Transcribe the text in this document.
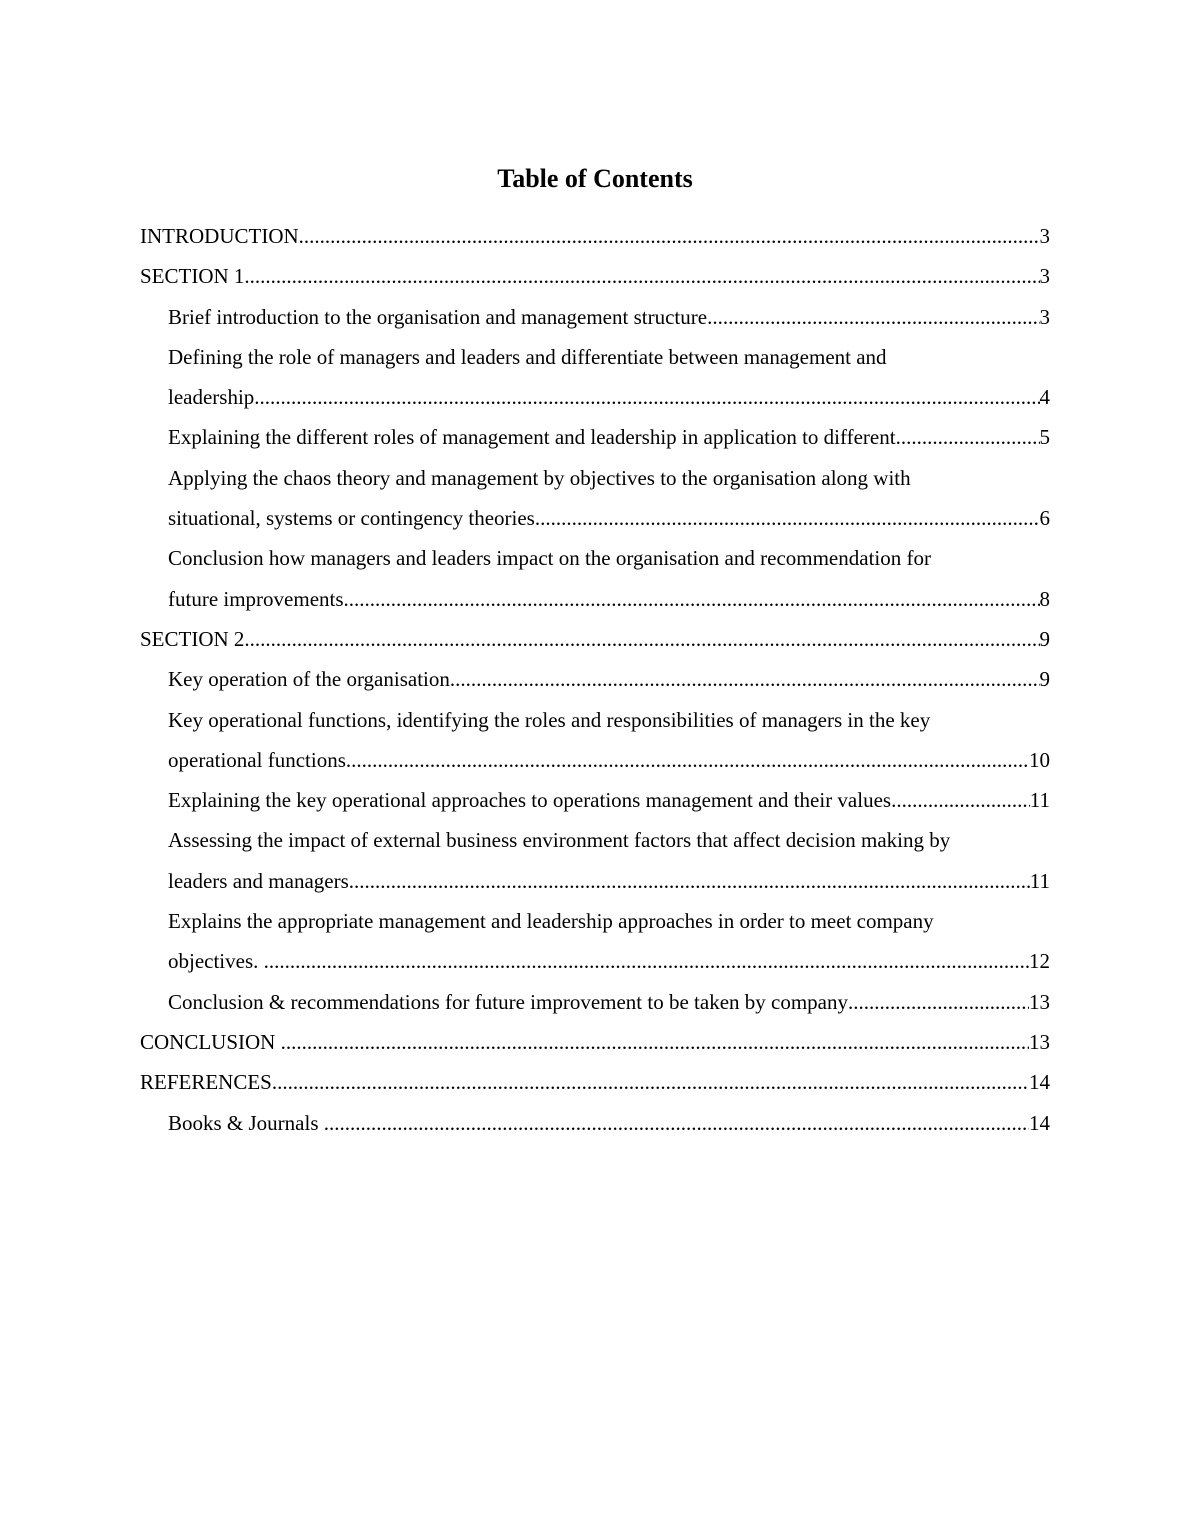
Table of Contents
INTRODUCTION .....	3
SECTION 1 .....	3
Brief introduction to the organisation and management structure .....	3
Defining the role of managers and leaders and differentiate between management and
leadership .....	4
Explaining the different roles of management and leadership in application to different .....	5
Applying the chaos theory and management by objectives to the organisation along with
situational, systems or contingency theories .....	6
Conclusion how managers and leaders impact on the organisation and recommendation for
future improvements .....	8
SECTION 2 .....	9
Key operation of the organisation .....	9
Key operational functions, identifying the roles and responsibilities of managers in the key
operational functions .....	10
Explaining the key operational approaches to operations management and their values .....	11
Assessing the impact of external business environment factors that affect decision making by
leaders and managers .....	11
Explains the appropriate management and leadership approaches in order to meet company
objectives. .....	12
Conclusion & recommendations for future improvement to be taken by company .....	13
CONCLUSION .....	13
REFERENCES .....	14
Books & Journals .....	14
